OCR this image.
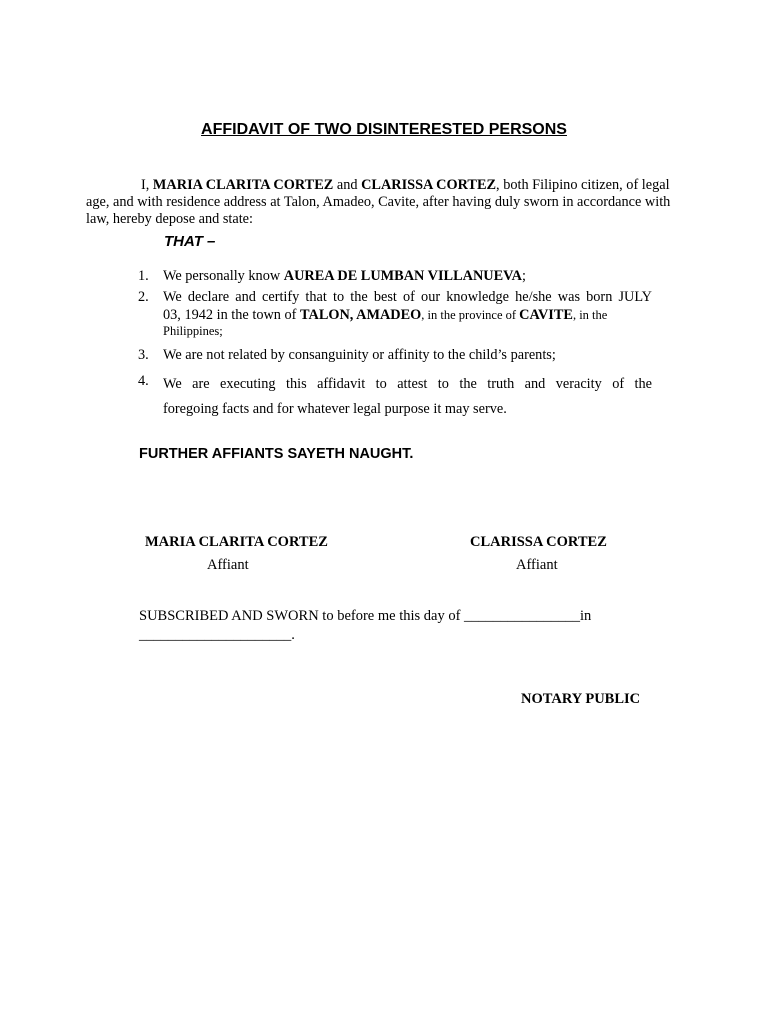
AFFIDAVIT OF TWO DISINTERESTED PERSONS
I, MARIA CLARITA CORTEZ and CLARISSA CORTEZ, both Filipino citizen, of legal age, and with residence address at Talon, Amadeo, Cavite, after having duly sworn in accordance with law, hereby depose and state:
THAT –
1. We personally know AUREA DE LUMBAN VILLANUEVA;
2. We declare and certify that to the best of our knowledge he/she was born JULY
03, 1942 in the town of TALON, AMADEO, in the province of CAVITE, in the
Philippines;
3. We are not related by consanguinity or affinity to the child’s parents;
4. We are executing this affidavit to attest to the truth and veracity of the
foregoing facts and for whatever legal purpose it may serve.
FURTHER AFFIANTS SAYETH NAUGHT.
MARIA CLARITA CORTEZ
Affiant
CLARISSA CORTEZ
Affiant
SUBSCRIBED AND SWORN to before me this day of ________________in
_____________________.
NOTARY PUBLIC
